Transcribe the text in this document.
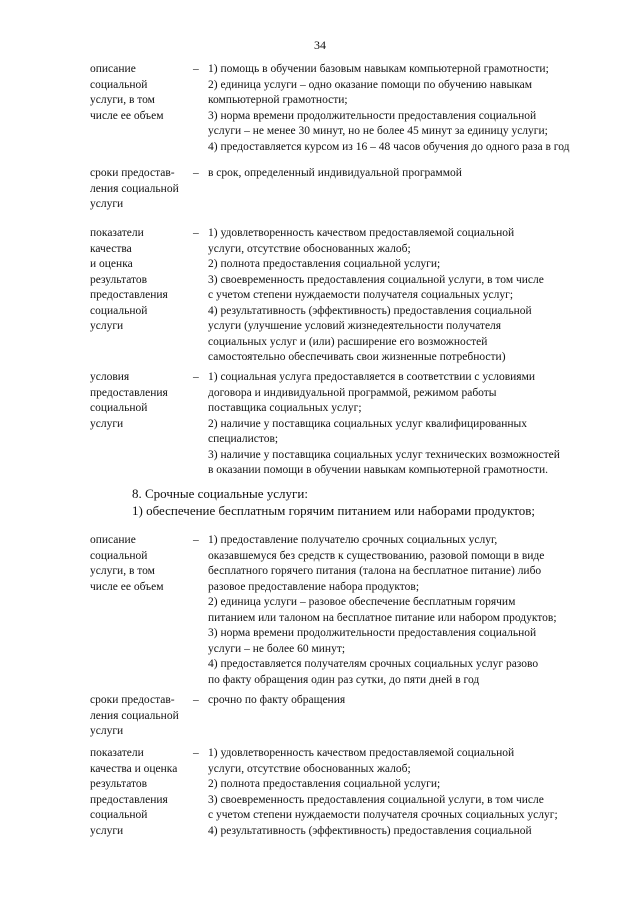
34
описание
социальной
услуги, в том
числе ее объем
– 1) помощь в обучении базовым навыкам компьютерной грамотности;
2) единица услуги – одно оказание помощи по обучению навыкам
компьютерной грамотности;
3) норма времени продолжительности предоставления социальной
услуги – не менее 30 минут, но не более 45 минут за единицу услуги;
4) предоставляется курсом из 16 – 48 часов обучения до одного раза в год
сроки предостав-
ления социальной
услуги
– в срок, определенный индивидуальной программой
показатели
качества
и оценка
результатов
предоставления
социальной
услуги
– 1) удовлетворенность качеством предоставляемой социальной
услуги, отсутствие обоснованных жалоб;
2) полнота предоставления социальной услуги;
3) своевременность предоставления социальной услуги, в том числе
с учетом степени нуждаемости получателя социальных услуг;
4) результативность (эффективность) предоставления социальной
услуги (улучшение условий жизнедеятельности получателя
социальных услуг и (или) расширение его возможностей
самостоятельно обеспечивать свои жизненные потребности)
условия
предоставления
социальной
услуги
– 1) социальная услуга предоставляется в соответствии с условиями
договора и индивидуальной программой, режимом работы
поставщика социальных услуг;
2) наличие у поставщика социальных услуг квалифицированных
специалистов;
3) наличие у поставщика социальных услуг технических возможностей
в оказании помощи в обучении навыкам компьютерной грамотности.
8. Срочные социальные услуги:
1) обеспечение бесплатным горячим питанием или наборами продуктов;
описание
социальной
услуги, в том
числе ее объем
– 1) предоставление получателю срочных социальных услуг,
оказавшемуся без средств к существованию, разовой помощи в виде
бесплатного горячего питания (талона на бесплатное питание) либо
разовое предоставление набора продуктов;
2) единица услуги – разовое обеспечение бесплатным горячим
питанием или талоном на бесплатное питание или набором продуктов;
3) норма времени продолжительности предоставления социальной
услуги – не более 60 минут;
4) предоставляется получателям срочных социальных услуг разово
по факту обращения один раз сутки, до пяти дней в год
сроки предостав-
ления социальной
услуги
– срочно по факту обращения
показатели
качества и оценка
результатов
предоставления
социальной
услуги
– 1) удовлетворенность качеством предоставляемой социальной
услуги, отсутствие обоснованных жалоб;
2) полнота предоставления социальной услуги;
3) своевременность предоставления социальной услуги, в том числе
с учетом степени нуждаемости получателя срочных социальных услуг;
4) результативность (эффективность) предоставления социальной
